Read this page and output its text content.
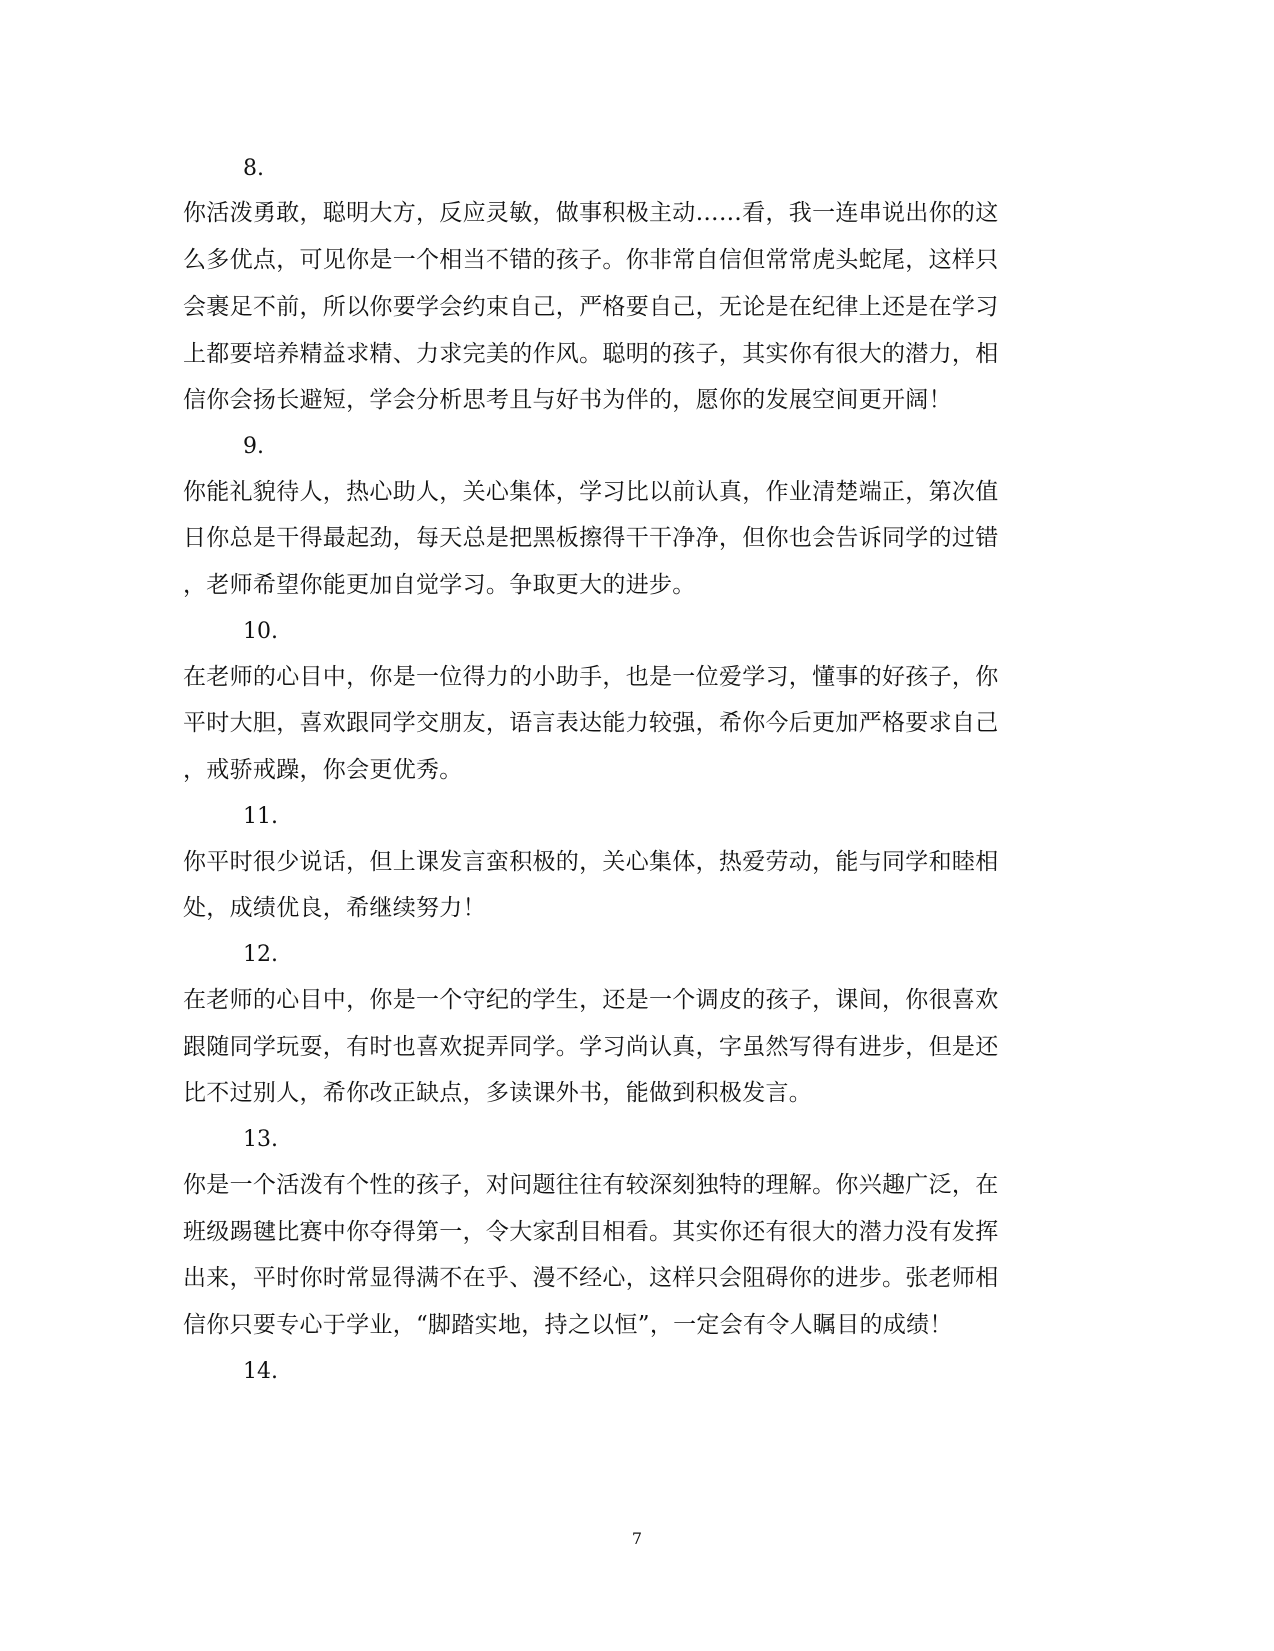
8.
你活泼勇敢，聪明大方，反应灵敏，做事积极主动……看，我一连串说出你的这
么多优点，可见你是一个相当不错的孩子。你非常自信但常常虎头蛇尾，这样只
会裹足不前，所以你要学会约束自己，严格要自己，无论是在纪律上还是在学习
上都要培养精益求精、力求完美的作风。聪明的孩子，其实你有很大的潜力，相
信你会扬长避短，学会分析思考且与好书为伴的，愿你的发展空间更开阔！
9.
你能礼貌待人，热心助人，关心集体，学习比以前认真，作业清楚端正，第次值
日你总是干得最起劲，每天总是把黑板擦得干干净净，但你也会告诉同学的过错
，老师希望你能更加自觉学习。争取更大的进步。
10.
在老师的心目中，你是一位得力的小助手，也是一位爱学习，懂事的好孩子，你
平时大胆，喜欢跟同学交朋友，语言表达能力较强，希你今后更加严格要求自己
，戒骄戒躁，你会更优秀。
11.
你平时很少说话，但上课发言蛮积极的，关心集体，热爱劳动，能与同学和睦相
处，成绩优良，希继续努力！
12.
在老师的心目中，你是一个守纪的学生，还是一个调皮的孩子，课间，你很喜欢
跟随同学玩耍，有时也喜欢捉弄同学。学习尚认真，字虽然写得有进步，但是还
比不过别人，希你改正缺点，多读课外书，能做到积极发言。
13.
你是一个活泼有个性的孩子，对问题往往有较深刻独特的理解。你兴趣广泛，在
班级踢毽比赛中你夺得第一，令大家刮目相看。其实你还有很大的潜力没有发挥
出来，平时你时常显得满不在乎、漫不经心，这样只会阻碍你的进步。张老师相
信你只要专心于学业，“脚踏实地，持之以恒”，一定会有令人瞩目的成绩！
14.
7
